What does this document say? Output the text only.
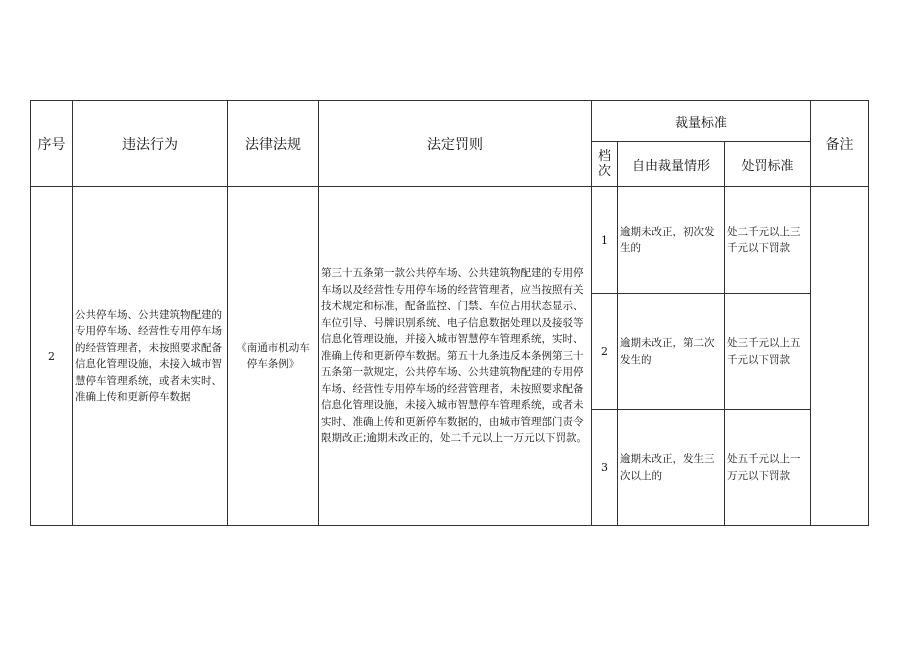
序号	违法行为	法律法规	法定罚则	裁量标准			备注
				档次	自由裁量情形	处罚标准	
2	公共停车场、公共建筑物配建的专用停车场、经营性专用停车场的经营管理者，未按照要求配备信息化管理设施，未接入城市智慧停车管理系统，或者未实时、准确上传和更新停车数据	《南通市机动车停车条例》	第三十五条第一款公共停车场、公共建筑物配建的专用停车场以及经营性专用停车场的经营管理者，应当按照有关技术规定和标准，配备监控、门禁、车位占用状态显示、车位引导、号牌识别系统、电子信息数据处理以及接驳等信息化管理设施，并接入城市智慧停车管理系统，实时、准确上传和更新停车数据。第五十九条违反本条例第三十五条第一款规定，公共停车场、公共建筑物配建的专用停车场、经营性专用停车场的经营管理者，未按照要求配备信息化管理设施，未接入城市智慧停车管理系统，或者未实时、准确上传和更新停车数据的，由城市管理部门责令限期改正;逾期未改正的，处二千元以上一万元以下罚款。	1	逾期未改正，初次发生的	处二千元以上三千元以下罚款	
				2	逾期未改正，第二次发生的	处三千元以上五千元以下罚款	
				3	逾期未改正，发生三次以上的	处五千元以上一万元以下罚款	
